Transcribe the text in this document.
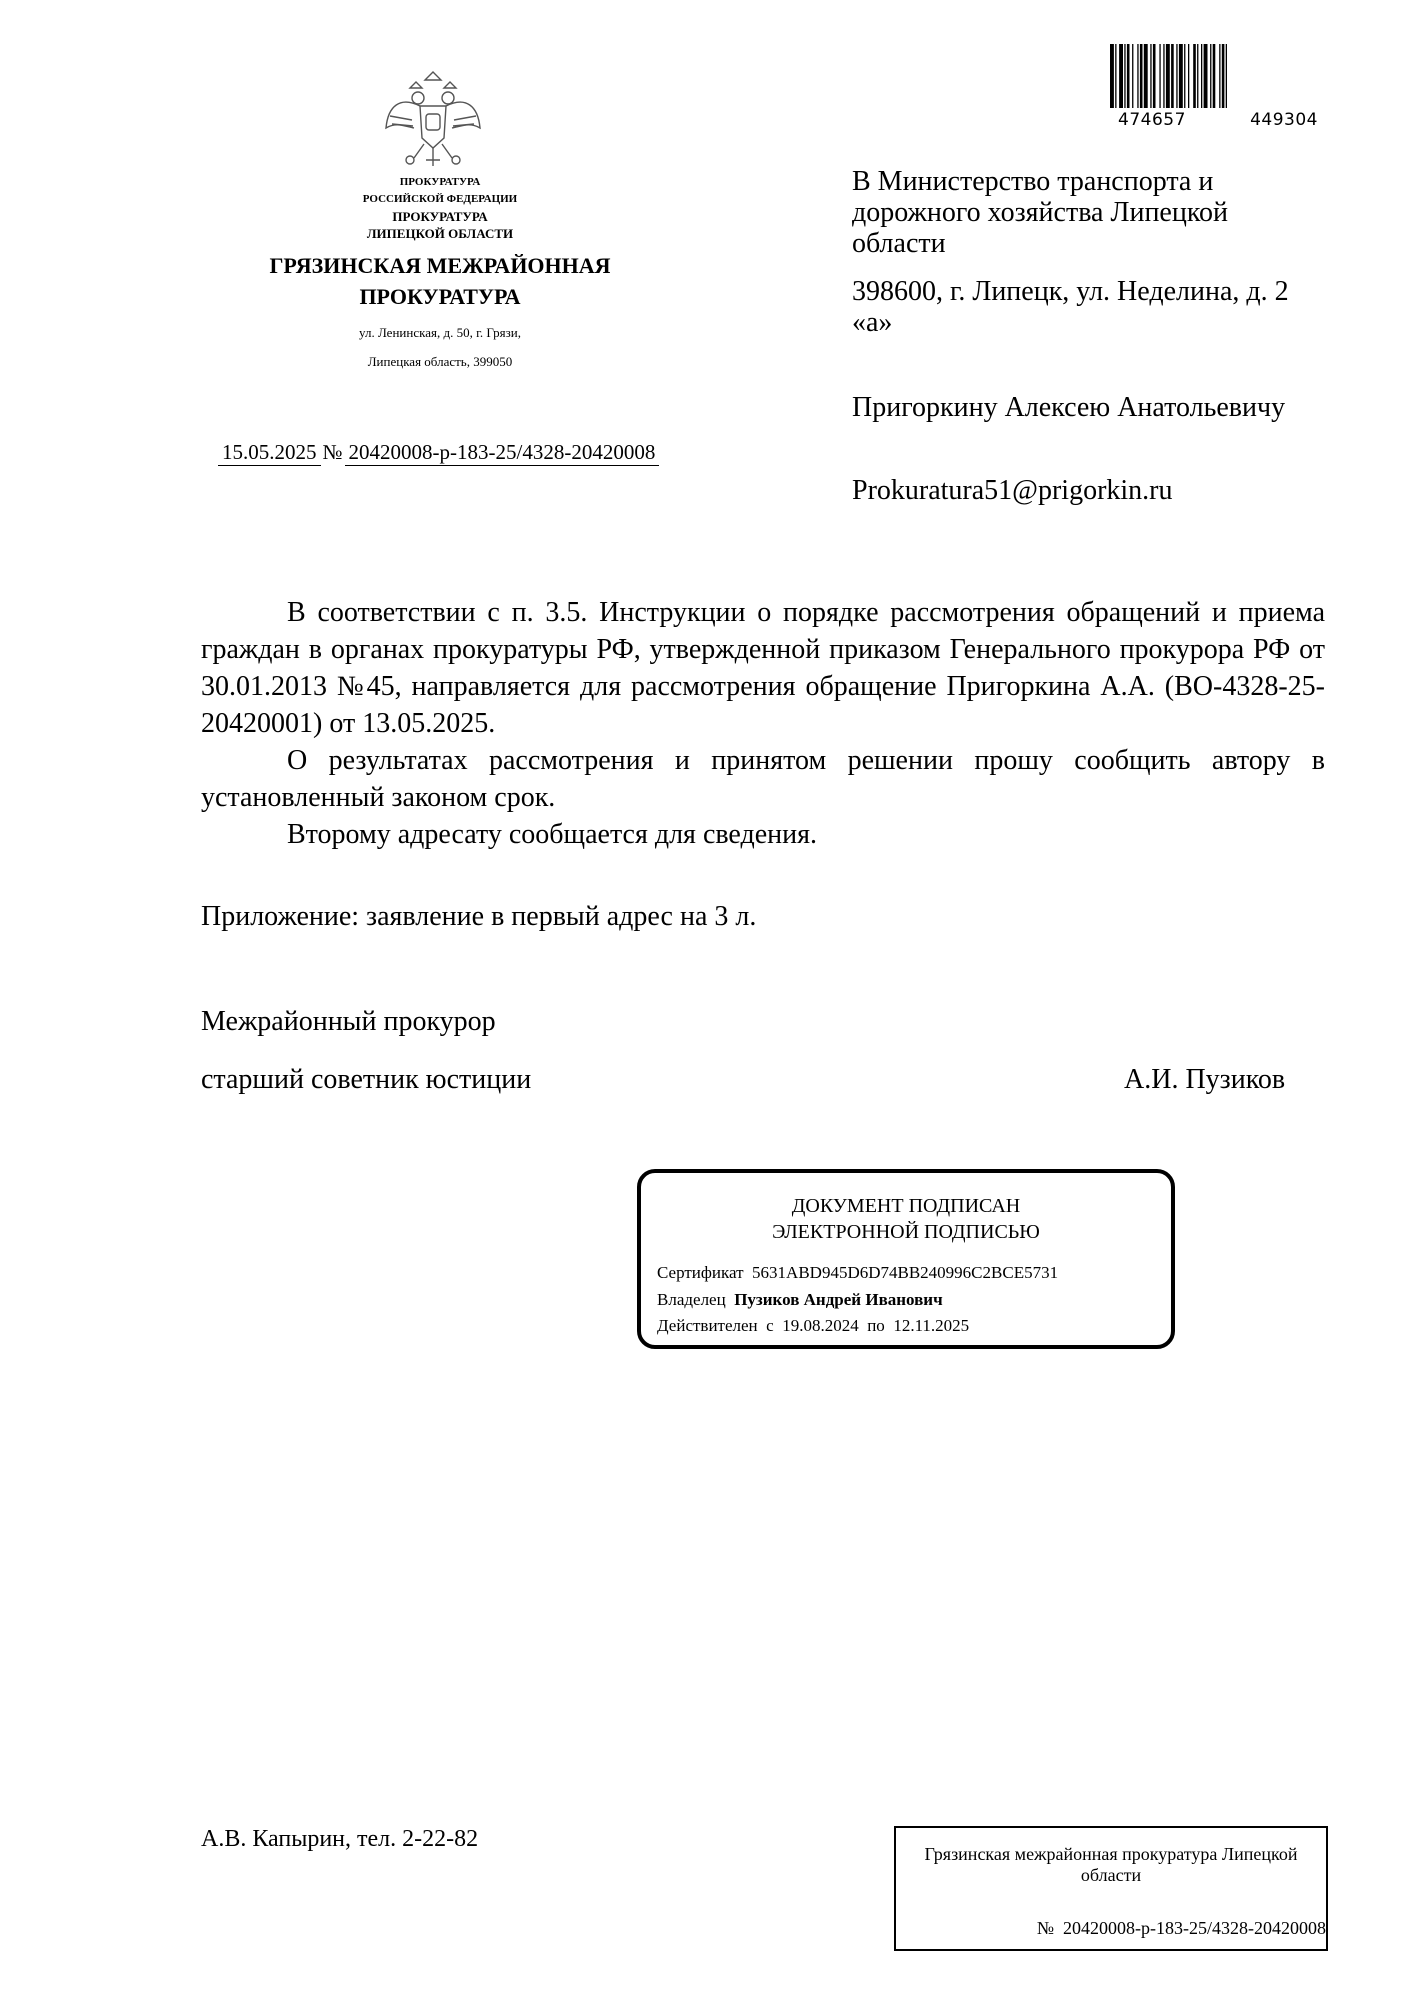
474657	449304
ПРОКУРАТУРА
РОССИЙСКОЙ ФЕДЕРАЦИИ
ПРОКУРАТУРА
ЛИПЕЦКОЙ ОБЛАСТИ
ГРЯЗИНСКАЯ МЕЖРАЙОННАЯ
ПРОКУРАТУРА
ул. Ленинская, д. 50, г. Грязи,
Липецкая область, 399050
15.05.2025 № 20420008-р-183-25/4328-20420008
В Министерство транспорта и дорожного хозяйства Липецкой области
398600, г. Липецк, ул. Неделина, д. 2 «а»
Пригоркину Алексею Анатольевичу
Prokuratura51@prigorkin.ru

В соответствии с п. 3.5. Инструкции о порядке рассмотрения обращений и приема граждан в органах прокуратуры РФ, утвержденной приказом Генерального прокурора РФ от 30.01.2013 №45, направляется для рассмотрения обращение Пригоркина А.А. (ВО-4328-25-20420001) от 13.05.2025.

О результатах рассмотрения и принятом решении прошу сообщить автору в установленный законом срок.

Второму адресату сообщается для сведения.

Приложение: заявление в первый адрес на 3 л.
Межрайонный прокурор
старший советник юстиции	А.И. Пузиков
ДОКУМЕНТ ПОДПИСАН
ЭЛЕКТРОННОЙ ПОДПИСЬЮ
Сертификат 5631ABD945D6D74BB240996C2BCE5731
Владелец Пузиков Андрей Иванович
Действителен с 19.08.2024 по 12.11.2025
А.В. Капырин, тел. 2-22-82
Грязинская межрайонная прокуратура Липецкой области
№ 20420008-р-183-25/4328-20420008
